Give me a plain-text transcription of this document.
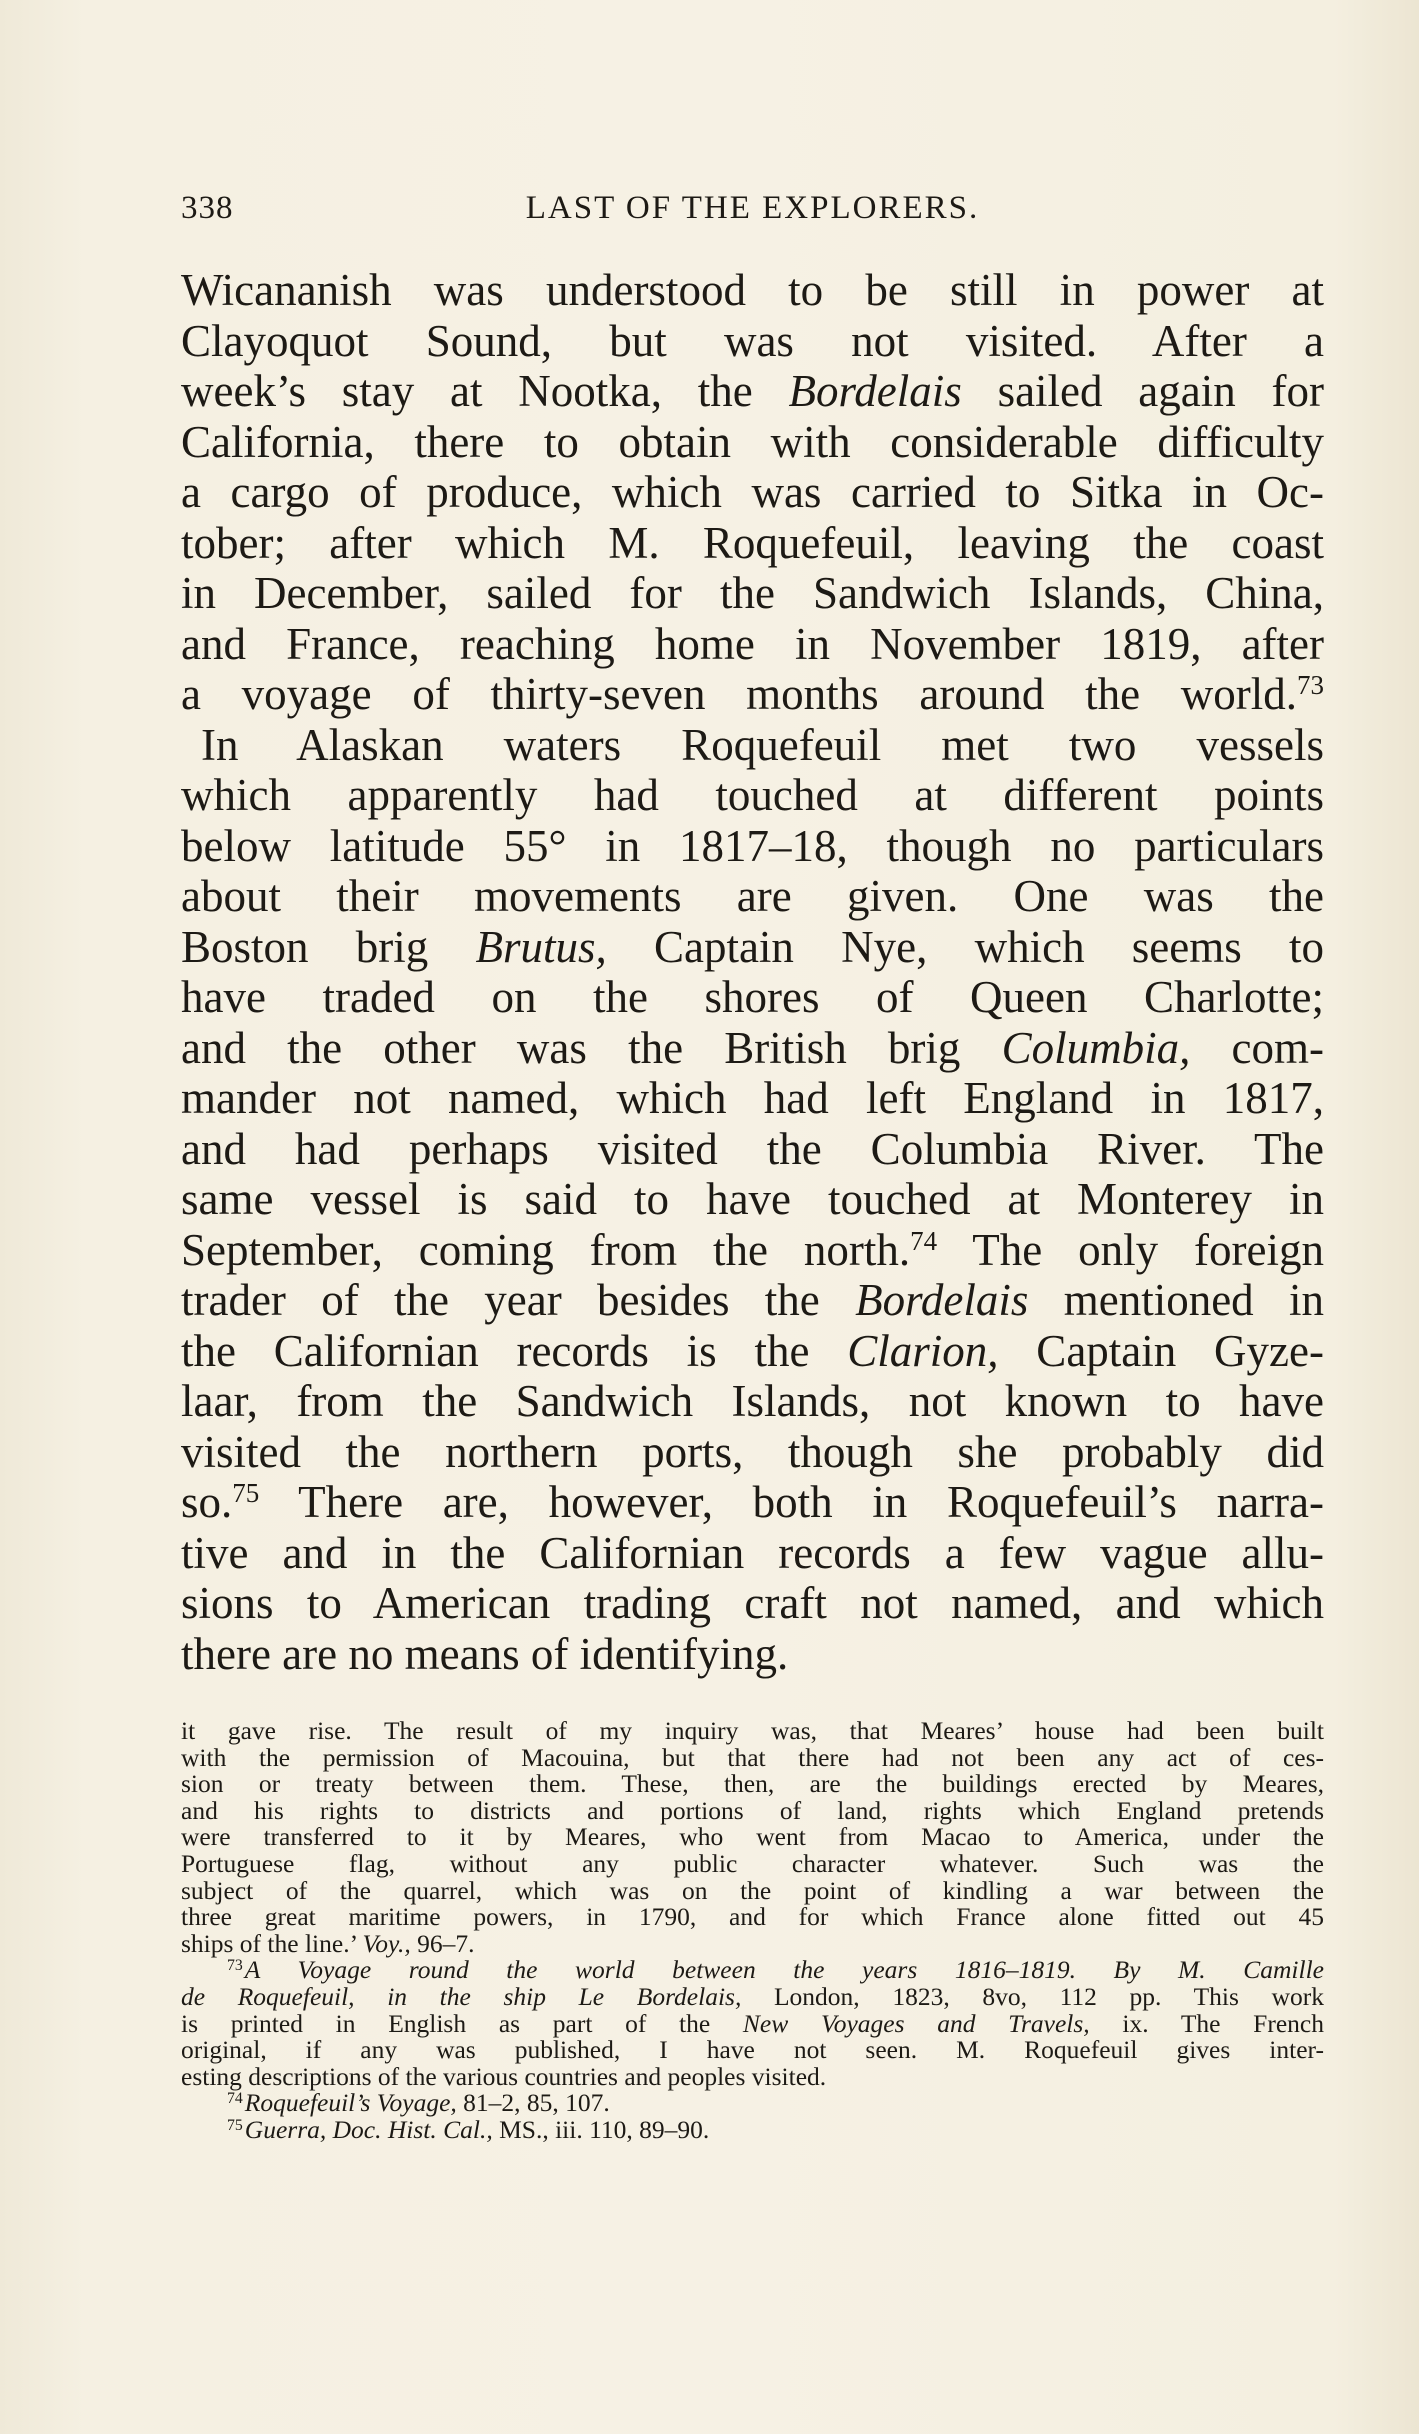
338	LAST OF THE EXPLORERS.
Wicananish was understood to be still in power at
Clayoquot Sound, but was not visited. After a
week’s stay at Nootka, the Bordelais sailed again for
California, there to obtain with considerable difficulty
a cargo of produce, which was carried to Sitka in Oc-
tober; after which M. Roquefeuil, leaving the coast
in December, sailed for the Sandwich Islands, China,
and France, reaching home in November 1819, after
a voyage of thirty-seven months around the world.$^{73}$
In Alaskan waters Roquefeuil met two vessels
which apparently had touched at different points
below latitude 55° in 1817–18, though no particulars
about their movements are given. One was the
Boston brig Brutus, Captain Nye, which seems to
have traded on the shores of Queen Charlotte;
and the other was the British brig Columbia, com-
mander not named, which had left England in 1817,
and had perhaps visited the Columbia River. The
same vessel is said to have touched at Monterey in
September, coming from the north.$^{74}$ The only foreign
trader of the year besides the Bordelais mentioned in
the Californian records is the Clarion, Captain Gyze-
laar, from the Sandwich Islands, not known to have
visited the northern ports, though she probably did
so.$^{75}$ There are, however, both in Roquefeuil’s narra-
tive and in the Californian records a few vague allu-
sions to American trading craft not named, and which
there are no means of identifying.
it gave rise. The result of my inquiry was, that Meares’ house had been built
with the permission of Macouina, but that there had not been any act of ces-
sion or treaty between them. These, then, are the buildings erected by Meares,
and his rights to districts and portions of land, rights which England pretends
were transferred to it by Meares, who went from Macao to America, under the
Portuguese flag, without any public character whatever. Such was the
subject of the quarrel, which was on the point of kindling a war between the
three great maritime powers, in 1790, and for which France alone fitted out 45
ships of the line.’ Voy., 96–7.
$^{73}$A Voyage round the world between the years 1816–1819. By M. Camille
de Roquefeuil, in the ship Le Bordelais, London, 1823, 8vo, 112 pp. This work
is printed in English as part of the New Voyages and Travels, ix. The French
original, if any was published, I have not seen. M. Roquefeuil gives inter-
esting descriptions of the various countries and peoples visited.
$^{74}$Roquefeuil’s Voyage, 81–2, 85, 107.
$^{75}$Guerra, Doc. Hist. Cal., MS., iii. 110, 89–90.
